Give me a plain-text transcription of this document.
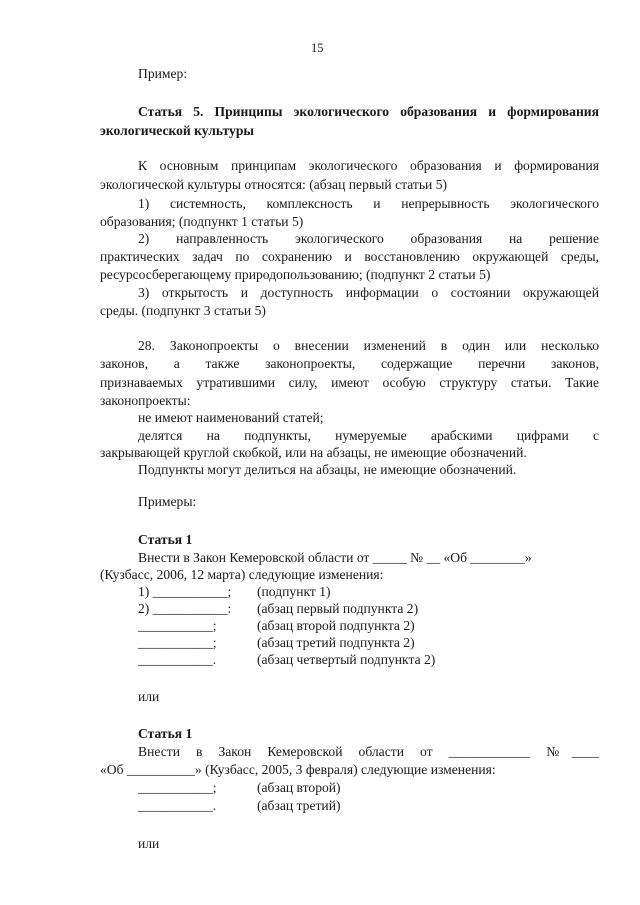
15
Пример:
Статья 5. Принципы экологического образования и формирования
экологической культуры
К основным принципам экологического образования и формирования
экологической культуры относятся: (абзац первый статьи 5)
1) системность, комплексность и непрерывность экологического
образования; (подпункт 1 статьи 5)
2) направленность экологического образования на решение
практических задач по сохранению и восстановлению окружающей среды,
ресурсосберегающему природопользованию; (подпункт 2 статьи 5)
3) открытость и доступность информации о состоянии окружающей
среды. (подпункт 3 статьи 5)
28. Законопроекты о внесении изменений в один или несколько
законов, а также законопроекты, содержащие перечни законов,
признаваемых утратившими силу, имеют особую структуру статьи. Такие
законопроекты:
не имеют наименований статей;
делятся на подпункты, нумеруемые арабскими цифрами с
закрывающей круглой скобкой, или на абзацы, не имеющие обозначений.
Подпункты могут делиться на абзацы, не имеющие обозначений.
Примеры:
Статья 1
Внести в Закон Кемеровской области от _____ № __ «Об ________»
(Кузбасс, 2006, 12 марта) следующие изменения:
1) ___________; (подпункт 1)
2) ___________: (абзац первый подпункта 2)
___________;	(абзац второй подпункта 2)
___________;	(абзац третий подпункта 2)
___________.	(абзац четвертый подпункта 2)
или
Статья 1
Внести в Закон Кемеровской области от ____________ №____
«Об __________» (Кузбасс, 2005, 3 февраля) следующие изменения:
___________;	(абзац второй)
___________.	(абзац третий)
или
